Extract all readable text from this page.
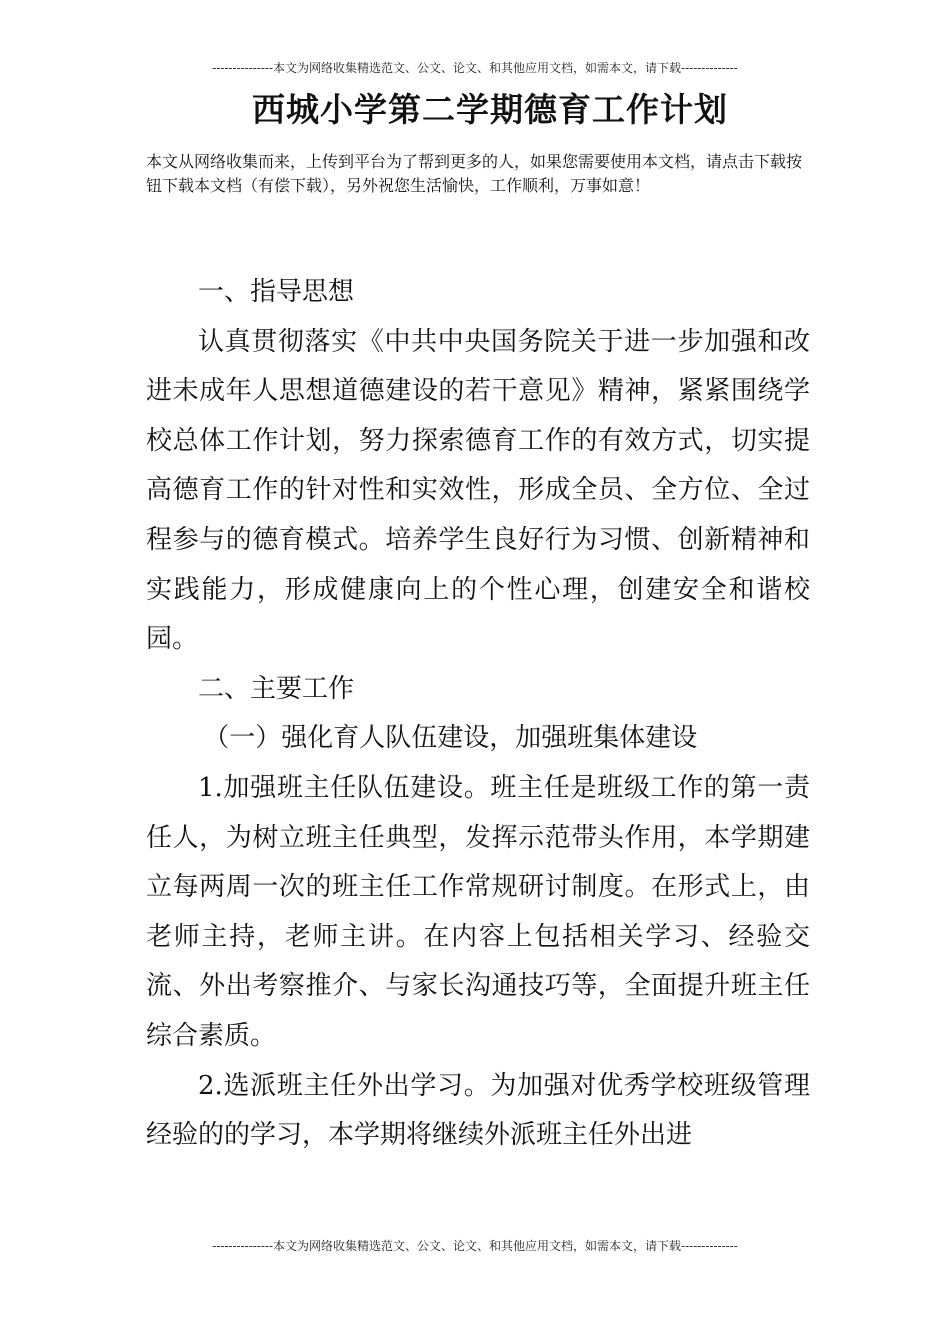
---------------本文为网络收集精选范文、公文、论文、和其他应用文档，如需本文，请下载--------------
西城小学第二学期德育工作计划
本文从网络收集而来，上传到平台为了帮到更多的人，如果您需要使用本文档，请点击下载按钮下载本文档（有偿下载），另外祝您生活愉快，工作顺利，万事如意！

一、指导思想

认真贯彻落实《中共中央国务院关于进一步加强和改进未成年人思想道德建设的若干意见》精神，紧紧围绕学校总体工作计划，努力探索德育工作的有效方式，切实提高德育工作的针对性和实效性，形成全员、全方位、全过程参与的德育模式。培养学生良好行为习惯、创新精神和实践能力，形成健康向上的个性心理，创建安全和谐校园。

二、主要工作

（一）强化育人队伍建设，加强班集体建设

1.加强班主任队伍建设。班主任是班级工作的第一责任人，为树立班主任典型，发挥示范带头作用，本学期建立每两周一次的班主任工作常规研讨制度。在形式上，由老师主持，老师主讲。在内容上包括相关学习、经验交流、外出考察推介、与家长沟通技巧等，全面提升班主任综合素质。

2.选派班主任外出学习。为加强对优秀学校班级管理经验的的学习，本学期将继续外派班主任外出进

---------------本文为网络收集精选范文、公文、论文、和其他应用文档，如需本文，请下载--------------
